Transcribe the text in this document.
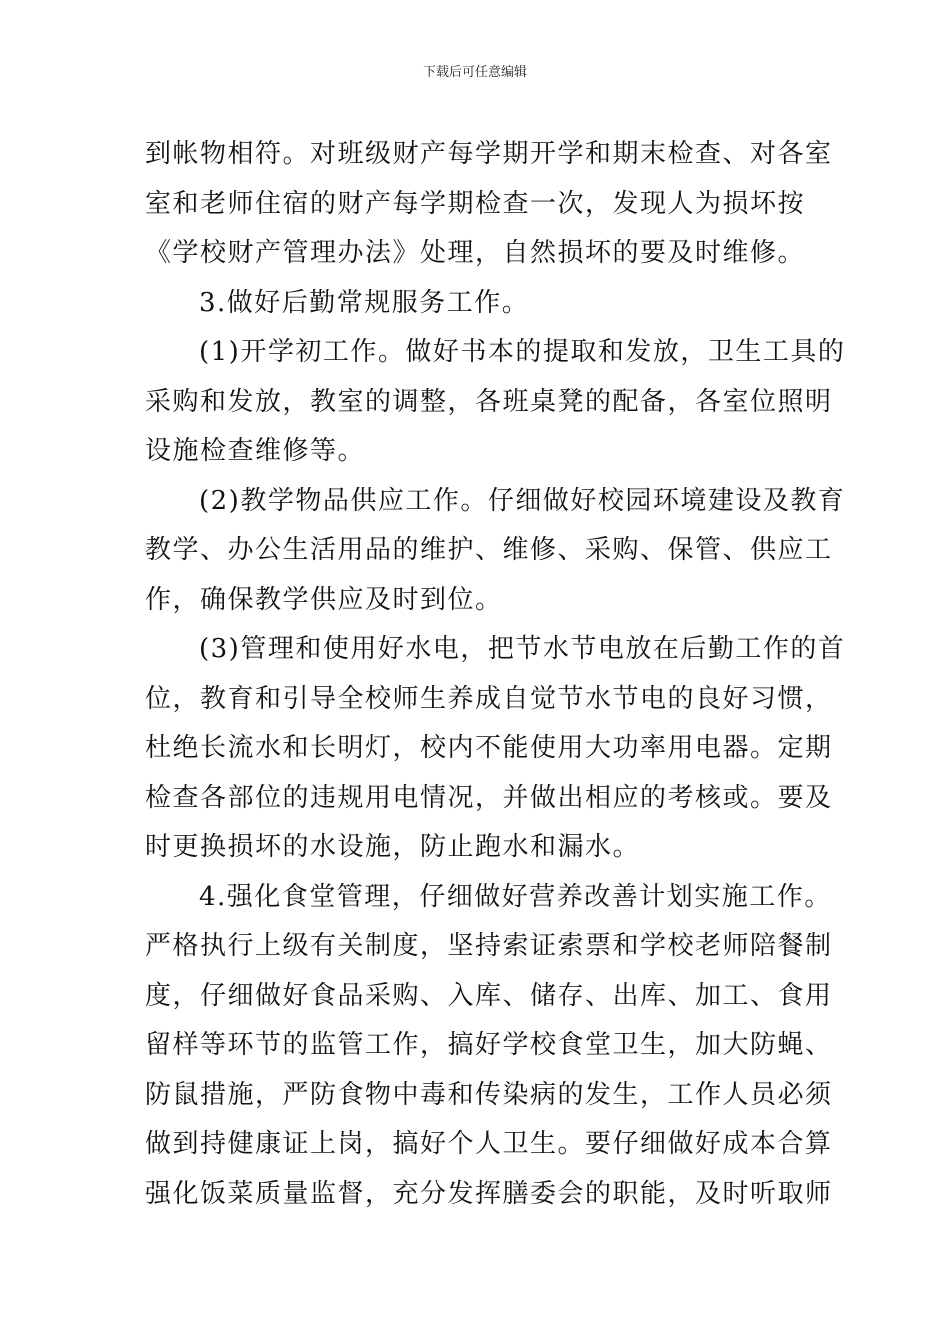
下载后可任意编辑
到帐物相符。对班级财产每学期开学和期末检查、对各室
室和老师住宿的财产每学期检查一次，发现人为损坏按
《学校财产管理办法》处理，自然损坏的要及时维修。
3.做好后勤常规服务工作。
(1)开学初工作。做好书本的提取和发放，卫生工具的
采购和发放，教室的调整，各班桌凳的配备，各室位照明
设施检查维修等。
(2)教学物品供应工作。仔细做好校园环境建设及教育
教学、办公生活用品的维护、维修、采购、保管、供应工
作，确保教学供应及时到位。
(3)管理和使用好水电，把节水节电放在后勤工作的首
位，教育和引导全校师生养成自觉节水节电的良好习惯，
杜绝长流水和长明灯，校内不能使用大功率用电器。定期
检查各部位的违规用电情况，并做出相应的考核或。要及
时更换损坏的水设施，防止跑水和漏水。
4.强化食堂管理，仔细做好营养改善计划实施工作。
严格执行上级有关制度，坚持索证索票和学校老师陪餐制
度，仔细做好食品采购、入库、储存、出库、加工、食用
留样等环节的监管工作，搞好学校食堂卫生，加大防蝇、
防鼠措施，严防食物中毒和传染病的发生，工作人员必须
做到持健康证上岗，搞好个人卫生。要仔细做好成本合算
强化饭菜质量监督，充分发挥膳委会的职能，及时听取师
